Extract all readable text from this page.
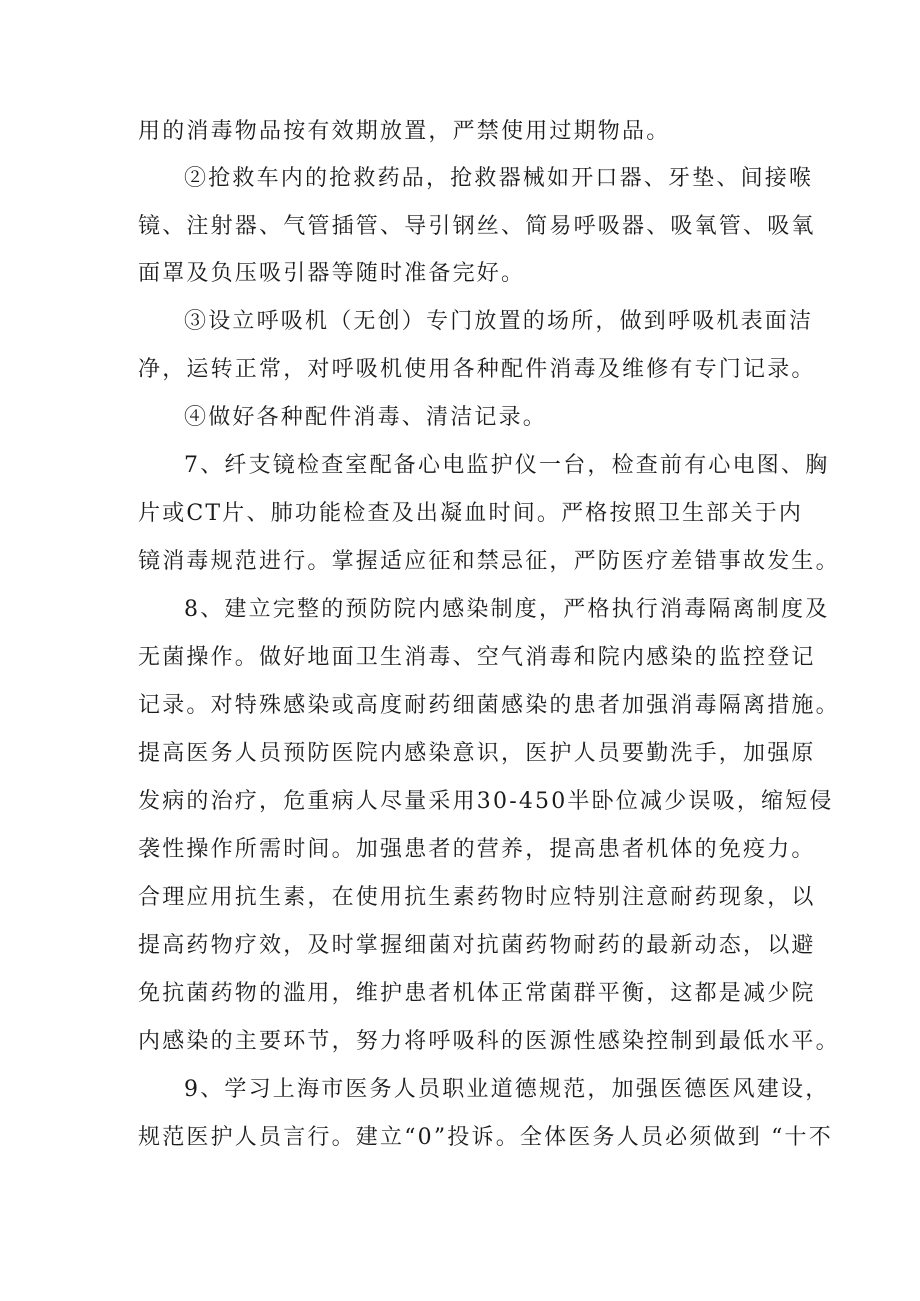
用的消毒物品按有效期放置，严禁使用过期物品。
②抢救车内的抢救药品，抢救器械如开口器、牙垫、间接喉
镜、注射器、气管插管、导引钢丝、简易呼吸器、吸氧管、吸氧
面罩及负压吸引器等随时准备完好。
③设立呼吸机（无创）专门放置的场所，做到呼吸机表面洁
净，运转正常，对呼吸机使用各种配件消毒及维修有专门记录。
④做好各种配件消毒、清洁记录。
7、纤支镜检查室配备心电监护仪一台，检查前有心电图、胸
片或CT片、肺功能检查及出凝血时间。严格按照卫生部关于内
镜消毒规范进行。掌握适应征和禁忌征，严防医疗差错事故发生。
8、建立完整的预防院内感染制度，严格执行消毒隔离制度及
无菌操作。做好地面卫生消毒、空气消毒和院内感染的监控登记
记录。对特殊感染或高度耐药细菌感染的患者加强消毒隔离措施。
提高医务人员预防医院内感染意识，医护人员要勤洗手，加强原
发病的治疗，危重病人尽量采用30-450半卧位减少误吸，缩短侵
袭性操作所需时间。加强患者的营养，提高患者机体的免疫力。
合理应用抗生素，在使用抗生素药物时应特别注意耐药现象，以
提高药物疗效，及时掌握细菌对抗菌药物耐药的最新动态，以避
免抗菌药物的滥用，维护患者机体正常菌群平衡，这都是减少院
内感染的主要环节，努力将呼吸科的医源性感染控制到最低水平。
9、学习上海市医务人员职业道德规范，加强医德医风建设，
规范医护人员言行。建立“0”投诉。全体医务人员必须做到 “十不
